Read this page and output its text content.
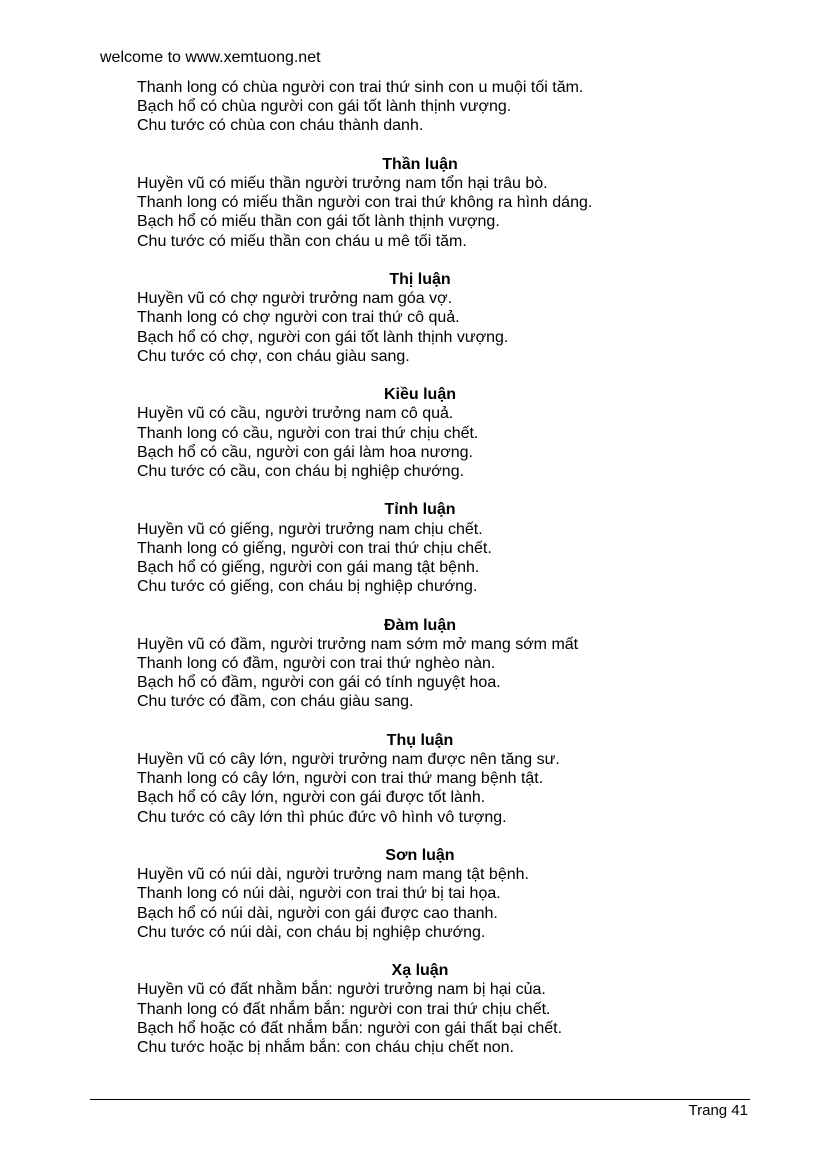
welcome to www.xemtuong.net
Thanh long có chùa người con trai thứ sinh con u muội tối tăm.
Bạch hổ có chùa người con gái tốt lành thịnh vượng.
Chu tước có chùa con cháu thành danh.
Thần luận
Huyền vũ có miếu thần người trưởng nam tổn hại trâu bò.
Thanh long có miếu thần người con trai thứ không ra hình dáng.
Bạch hổ có miếu thần con gái tốt lành thịnh vượng.
Chu tước có miếu thần con cháu u mê tối tăm.
Thị luận
Huyền vũ có chợ người trưởng nam góa vợ.
Thanh long có chợ người con trai thứ cô quả.
Bạch hổ có chợ, người con gái tốt lành thịnh vượng.
Chu tước có chợ, con cháu giàu sang.
Kiều luận
Huyền vũ có cầu, người trưởng nam cô quả.
Thanh long có cầu, người con trai thứ chịu chết.
Bạch hổ có cầu, người con gái làm hoa nương.
Chu tước có cầu, con cháu bị nghiệp chướng.
Tỉnh luận
Huyền vũ có giếng, người trưởng nam chịu chết.
Thanh long có giếng, người con trai thứ chịu chết.
Bạch hổ có giếng, người con gái mang tật bệnh.
Chu tước có giếng, con cháu bị nghiệp chướng.
Đàm luận
Huyền vũ có đầm, người trưởng nam sớm mở mang sớm mất
Thanh long có đầm, người con trai thứ nghèo nàn.
Bạch hổ có đầm, người con gái có tính nguyệt hoa.
Chu tước có đầm, con cháu giàu sang.
Thụ luận
Huyền vũ có cây lớn, người trưởng nam được nên tăng sư.
Thanh long có cây lớn, người con trai thứ mang bệnh tật.
Bạch hổ có cây lớn, người con gái được tốt lành.
Chu tước có cây lớn thì phúc đức vô hình vô tượng.
Sơn luận
Huyền vũ có núi dài, người trưởng nam mang tật bệnh.
Thanh long có núi dài, người con trai thứ bị tai họa.
Bạch hổ có núi dài, người con gái được cao thanh.
Chu tước có núi dài, con cháu bị nghiệp chướng.
Xạ luận
Huyền vũ có đất nhằm bắn: người trưởng nam bị hại của.
Thanh long có đất nhắm bắn: người con trai thứ chịu chết.
Bạch hổ hoặc có đất nhắm bắn: người con gái thất bại chết.
Chu tước hoặc bị nhắm bắn: con cháu chịu chết non.
Trang 41
